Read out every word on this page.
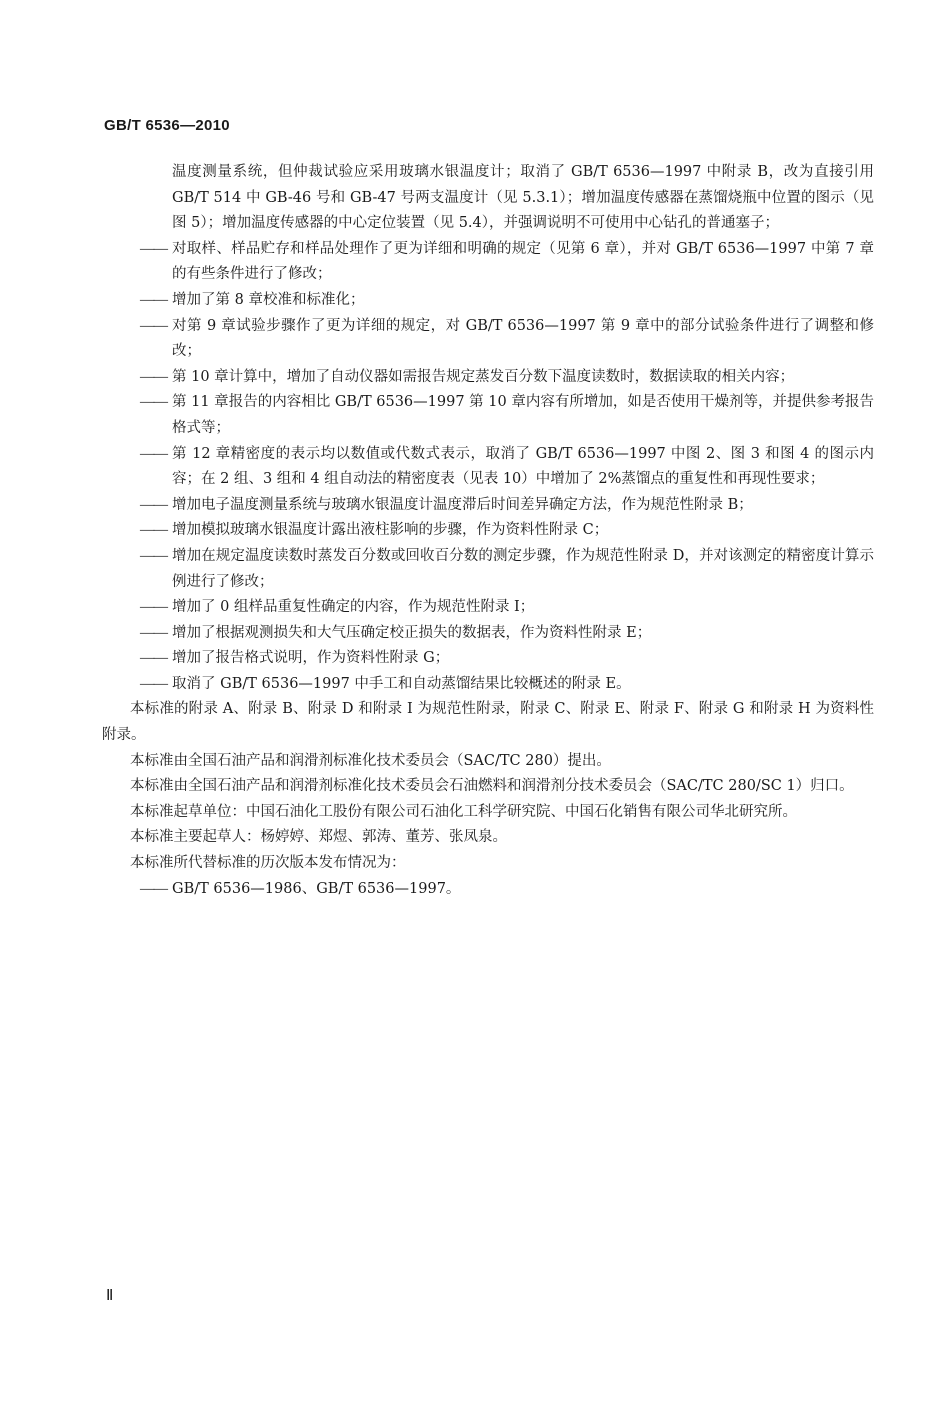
GB/T 6536—2010
温度测量系统，但仲裁试验应采用玻璃水银温度计；取消了 GB/T 6536—1997 中附录 B，改为直接引用 GB/T 514 中 GB-46 号和 GB-47 号两支温度计（见 5.3.1）；增加温度传感器在蒸馏烧瓶中位置的图示（见图 5）；增加温度传感器的中心定位装置（见 5.4），并强调说明不可使用中心钻孔的普通塞子；
—— 对取样、样品贮存和样品处理作了更为详细和明确的规定（见第 6 章），并对 GB/T 6536—1997 中第 7 章的有些条件进行了修改；
—— 增加了第 8 章校准和标准化；
—— 对第 9 章试验步骤作了更为详细的规定，对 GB/T 6536—1997 第 9 章中的部分试验条件进行了调整和修改；
—— 第 10 章计算中，增加了自动仪器如需报告规定蒸发百分数下温度读数时，数据读取的相关内容；
—— 第 11 章报告的内容相比 GB/T 6536—1997 第 10 章内容有所增加，如是否使用干燥剂等，并提供参考报告格式等；
—— 第 12 章精密度的表示均以数值或代数式表示，取消了 GB/T 6536—1997 中图 2、图 3 和图 4 的图示内容；在 2 组、3 组和 4 组自动法的精密度表（见表 10）中增加了 2%蒸馏点的重复性和再现性要求；
—— 增加电子温度测量系统与玻璃水银温度计温度滞后时间差异确定方法，作为规范性附录 B；
—— 增加模拟玻璃水银温度计露出液柱影响的步骤，作为资料性附录 C；
—— 增加在规定温度读数时蒸发百分数或回收百分数的测定步骤，作为规范性附录 D，并对该测定的精密度计算示例进行了修改；
—— 增加了 0 组样品重复性确定的内容，作为规范性附录 I；
—— 增加了根据观测损失和大气压确定校正损失的数据表，作为资料性附录 E；
—— 增加了报告格式说明，作为资料性附录 G；
—— 取消了 GB/T 6536—1997 中手工和自动蒸馏结果比较概述的附录 E。
本标准的附录 A、附录 B、附录 D 和附录 I 为规范性附录，附录 C、附录 E、附录 F、附录 G 和附录 H 为资料性附录。
本标准由全国石油产品和润滑剂标准化技术委员会（SAC/TC 280）提出。
本标准由全国石油产品和润滑剂标准化技术委员会石油燃料和润滑剂分技术委员会（SAC/TC 280/SC 1）归口。
本标准起草单位：中国石油化工股份有限公司石油化工科学研究院、中国石化销售有限公司华北研究所。
本标准主要起草人：杨婷婷、郑煜、郭涛、董芳、张凤泉。
本标准所代替标准的历次版本发布情况为：
—— GB/T 6536—1986、GB/T 6536—1997。
Ⅱ
